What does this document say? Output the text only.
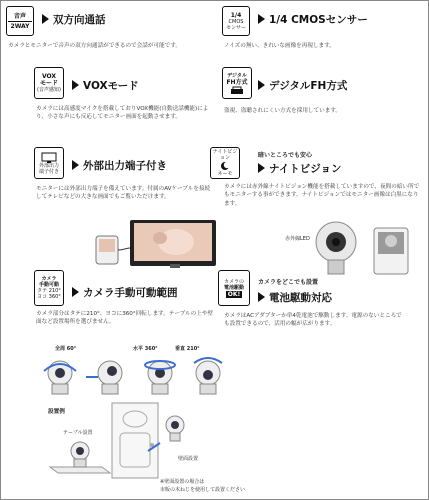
音声
2WAY	双方向通話
カメラとモニターで音声の双方向通話ができるので会話が可能です。
1/4
CMOS
センサー
1/4 CMOSセンサー
ノイズの無い、きれいな画像を再現します。
VOX
モード
(音声感知)	VOXモード
カメラには高感度マイクを搭載しておりVOX機能(自動送話機能)により、小さな声にも反応してモニター画面を起動させます。
デジタル
FH方式	デジタルFH方式
盗視、盗聴されにくい方式を採用しています。
外部出力
端子付き	外部出力端子付き
モニターには外部出力端子を備えています。付属のAVケーブルを接続してテレビなどの大きな画面でもご覧いただけます。
ナイトビジョン
ネーモ
暗いところでも安心
ナイトビジョン
カメラには赤外線ナイトビジョン機能を搭載していますので、夜間の暗い所でもモニターする事ができます。ナイトビジョンではモニター画像は白黒になります。
赤外線LED
カメラ
手動可動
タテ 210° ヨコ 360°	カメラ手動可動範囲
カメラ部分はタテに210°、ヨコに360°回転します。テーブルの上や壁面など設置場所を選びません。
全周 60°	水平 360°	垂直 210°
カメラの
電池駆動
OK!
カメラをどこでも設置
電池駆動対応
カメラはACアダプターか単4乾電池で駆動します。電源のないところでも設置できるので、活用の幅が広がります。
設置例
テーブル設置
壁面設置
※壁面設置の場合は
市販の木ねじを使用して設置ください
